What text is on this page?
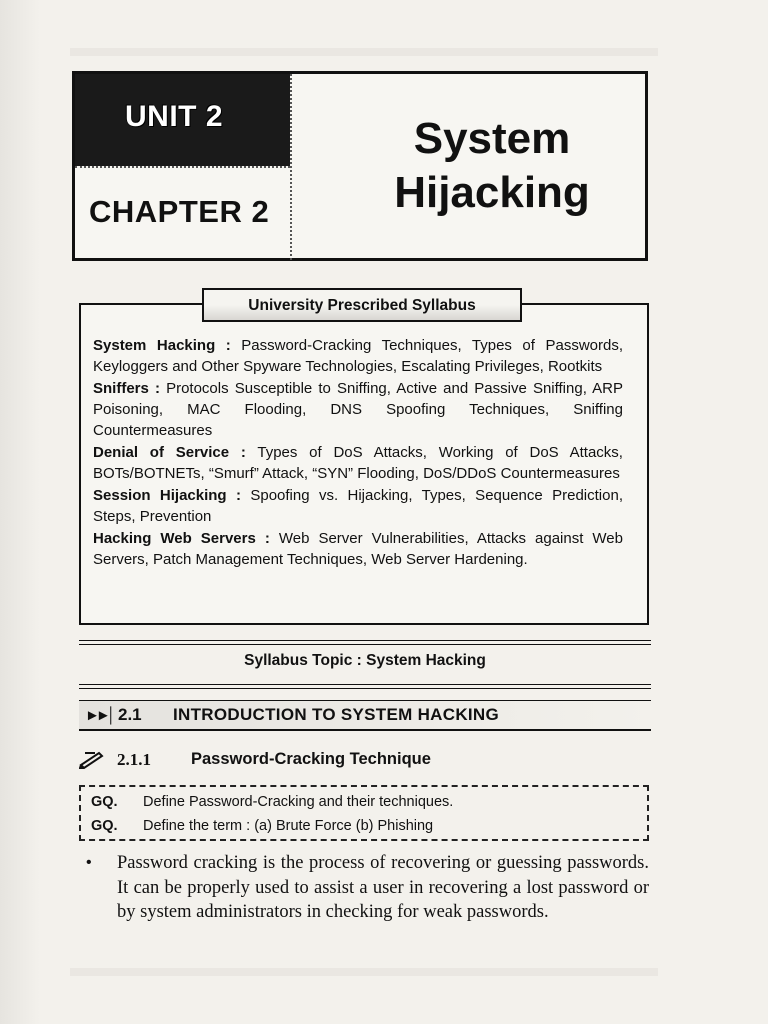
UNIT 2
CHAPTER 2
System
Hijacking
University Prescribed Syllabus

System Hacking : Password-Cracking Techniques, Types of Passwords, Keyloggers and Other Spyware Technologies, Escalating Privileges, Rootkits

Sniffers : Protocols Susceptible to Sniffing, Active and Passive Sniffing, ARP Poisoning, MAC Flooding, DNS Spoofing Techniques, Sniffing Countermeasures

Denial of Service : Types of DoS Attacks, Working of DoS Attacks, BOTs/BOTNETs, “Smurf” Attack, “SYN” Flooding, DoS/DDoS Countermeasures

Session Hijacking : Spoofing vs. Hijacking, Types, Sequence Prediction, Steps, Prevention

Hacking Web Servers : Web Server Vulnerabilities, Attacks against Web Servers, Patch Management Techniques, Web Server Hardening.

Syllabus Topic : System Hacking
►►│ 2.1 INTRODUCTION TO SYSTEM HACKING
2.1.1 Password-Cracking Technique
GQ. Define Password-Cracking and their techniques.
GQ. Define the term : (a) Brute Force (b) Phishing
• Password cracking is the process of recovering or guessing passwords. It can be properly used to assist a user in recovering a lost password or by system administrators in checking for weak passwords.
